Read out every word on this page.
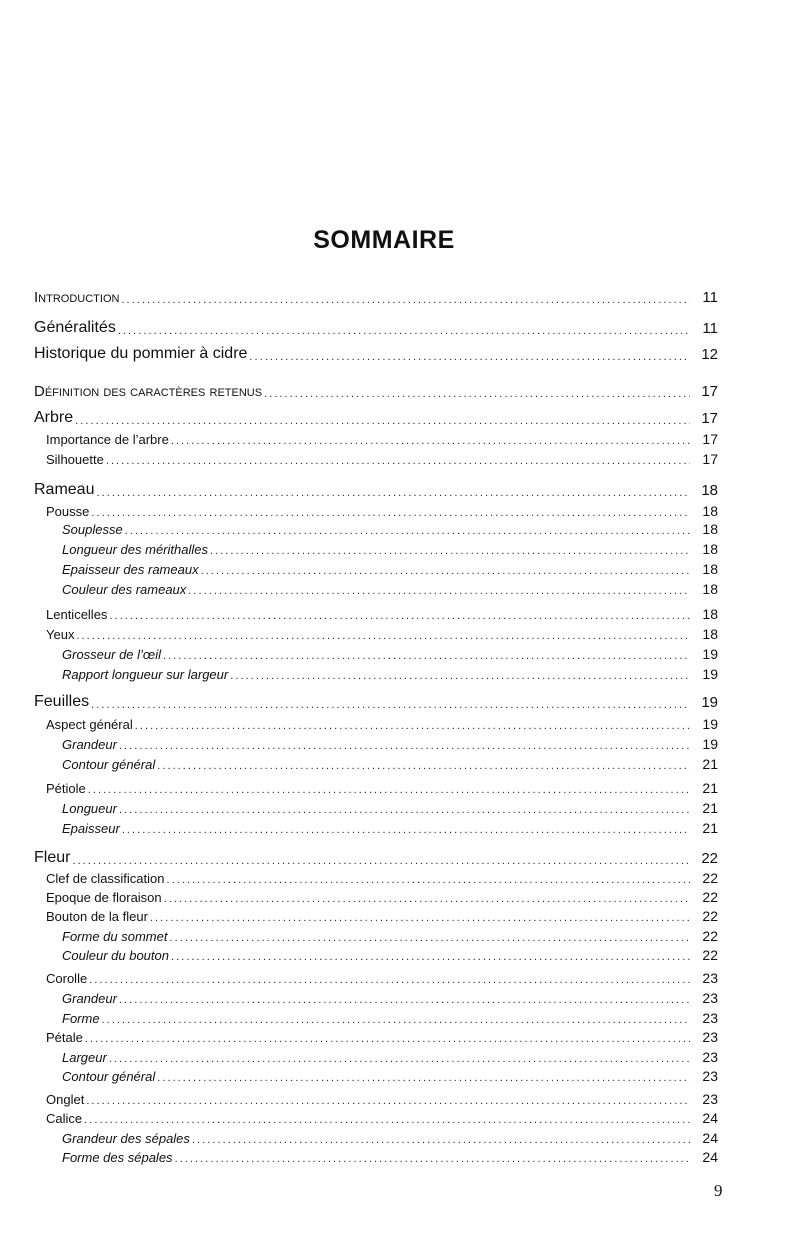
SOMMAIRE
Introduction . . .	11
Généralités . . .	11
Historique du pommier à cidre . . .	12
Définition des caractères retenus . . .	17
Arbre . . .	17
Importance de l’arbre . . .	17
Silhouette . . .	17
Rameau . . .	18
Pousse . . .	18
Souplesse . . .	18
Longueur des mérithalles . . .	18
Epaisseur des rameaux . . .	18
Couleur des rameaux . . .	18
Lenticelles . . .	18
Yeux . . .	18
Grosseur de l’œil . . .	19
Rapport longueur sur largeur . . .	19
Feuilles . . .	19
Aspect général . . .	19
Grandeur . . .	19
Contour général . . .	21
Pétiole . . .	21
Longueur . . .	21
Epaisseur . . .	21
Fleur . . .	22
Clef de classification . . .	22
Epoque de floraison . . .	22
Bouton de la fleur . . .	22
Forme du sommet . . .	22
Couleur du bouton . . .	22
Corolle . . .	23
Grandeur . . .	23
Forme . . .	23
Pétale . . .	23
Largeur . . .	23
Contour général . . .	23
Onglet . . .	23
Calice . . .	24
Grandeur des sépales . . .	24
Forme des sépales . . .	24
9
